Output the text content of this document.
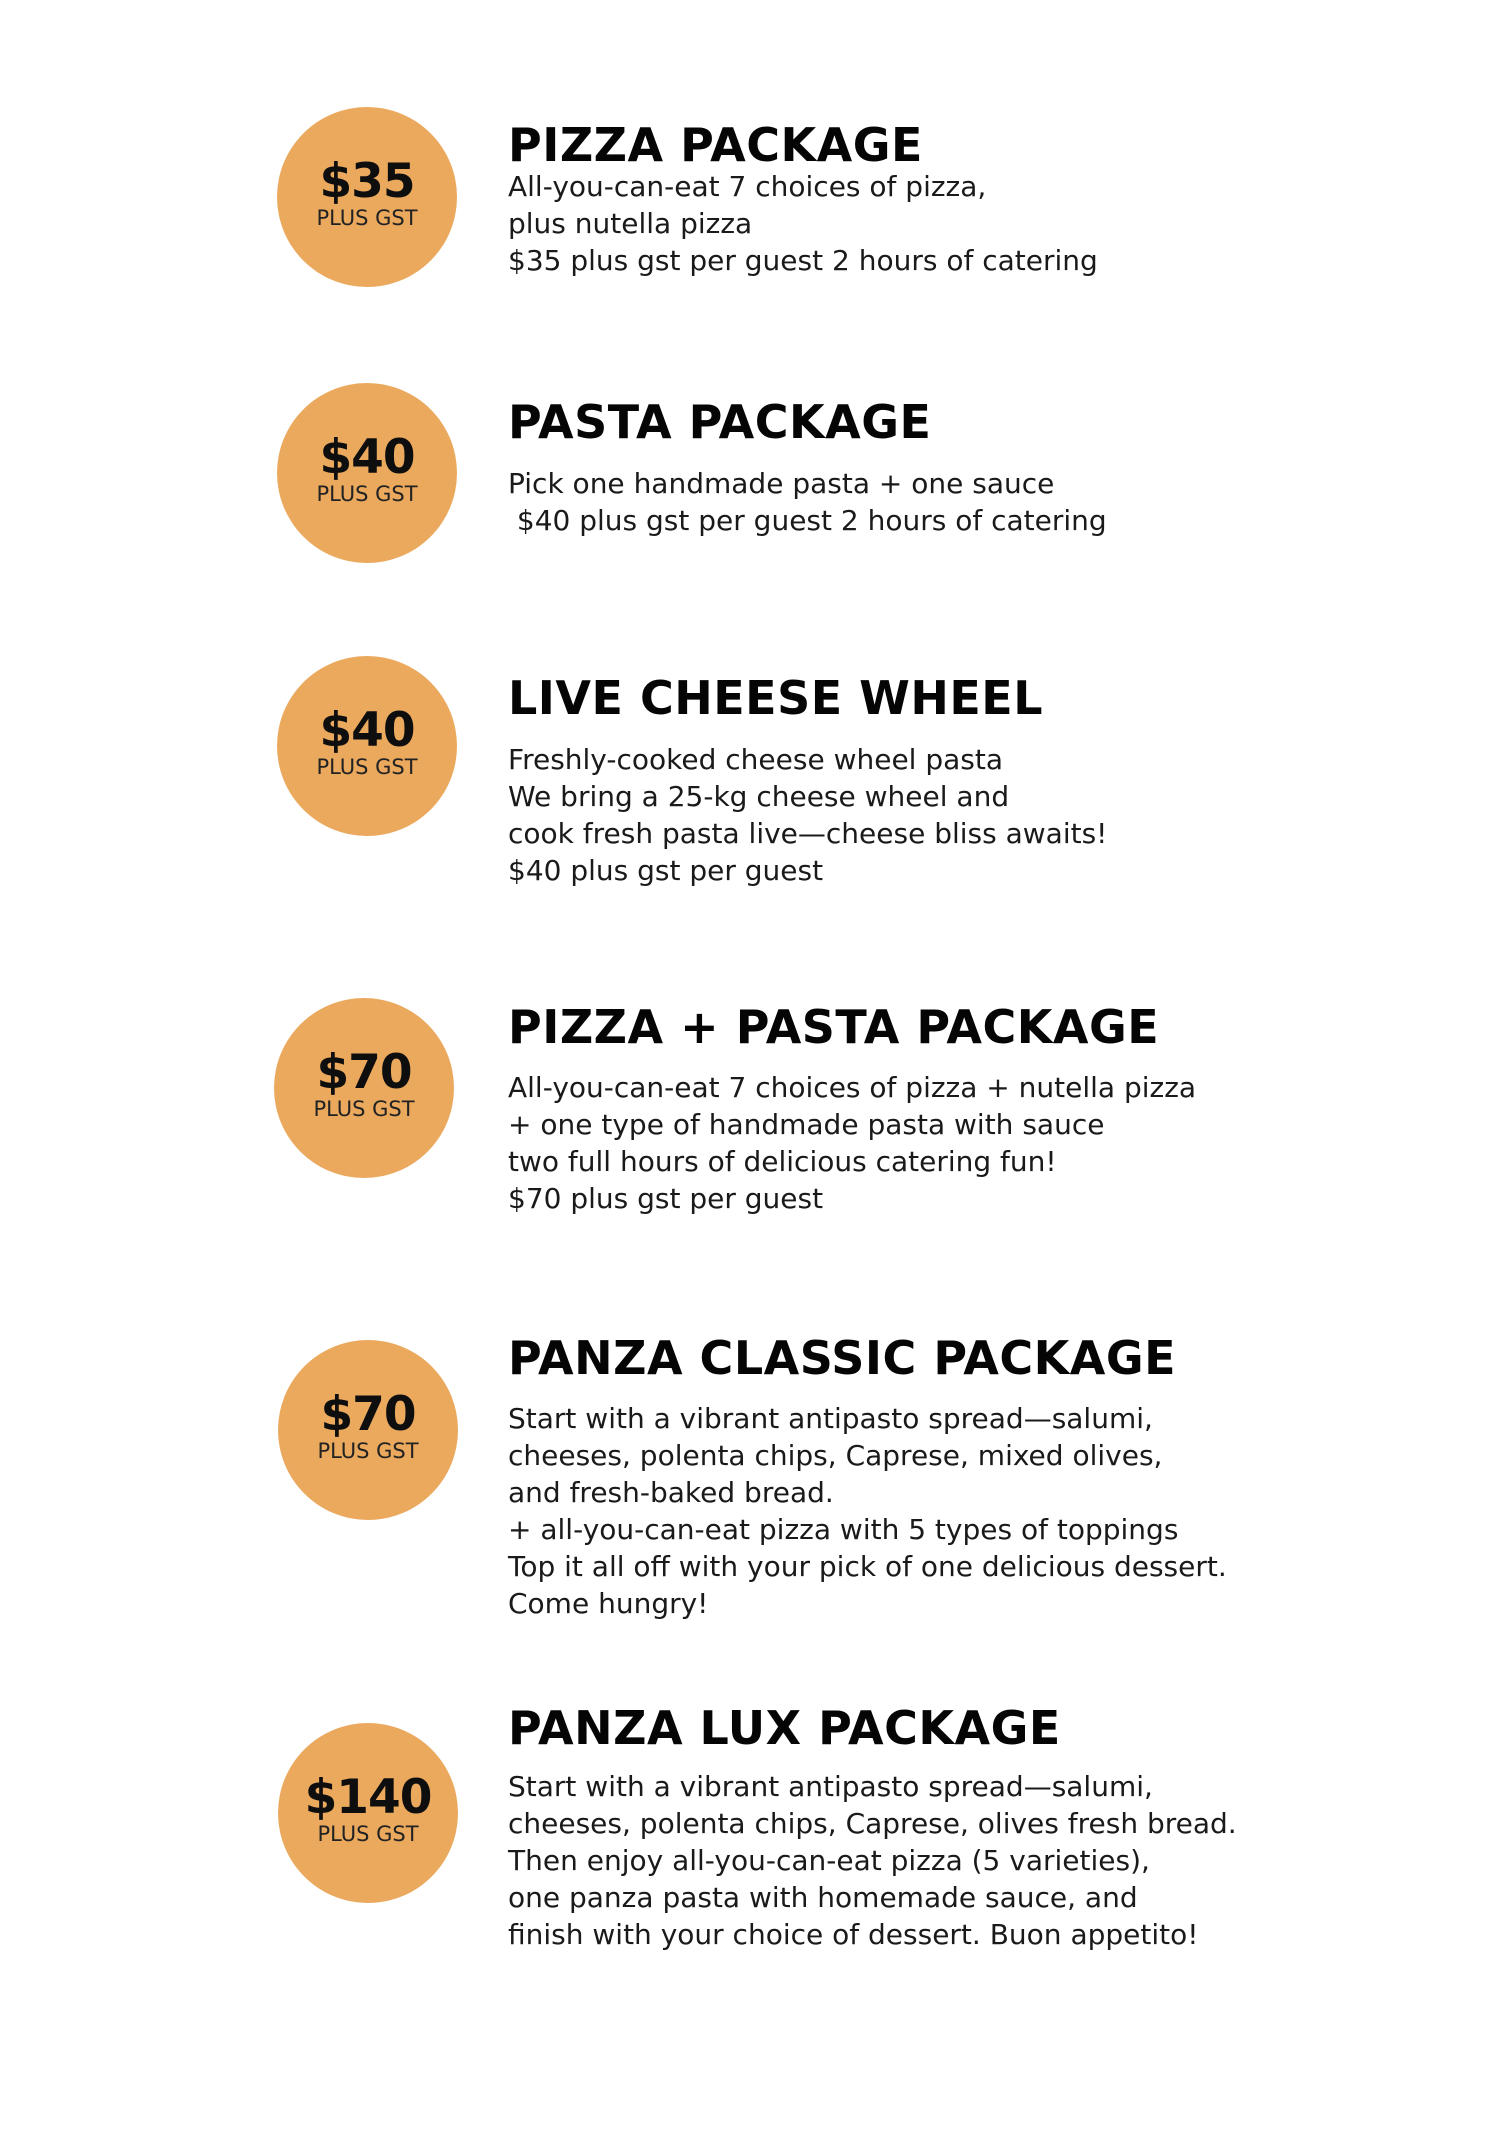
$35
PLUS GST
PIZZA PACKAGE
All-you-can-eat 7 choices of pizza,
plus nutella pizza
$35 plus gst per guest 2 hours of catering
$40
PLUS GST
PASTA PACKAGE
Pick one handmade pasta + one sauce
$40 plus gst per guest 2 hours of catering
$40
PLUS GST
LIVE CHEESE WHEEL
Freshly-cooked cheese wheel pasta
We bring a 25-kg cheese wheel and
cook fresh pasta live—cheese bliss awaits!
$40 plus gst per guest
$70
PLUS GST
PIZZA + PASTA PACKAGE
All-you-can-eat 7 choices of pizza + nutella pizza
+ one type of handmade pasta with sauce
two full hours of delicious catering fun!
$70 plus gst per guest
$70
PLUS GST
PANZA CLASSIC PACKAGE
Start with a vibrant antipasto spread—salumi,
cheeses, polenta chips, Caprese, mixed olives,
and fresh-baked bread.
+ all-you-can-eat pizza with 5 types of toppings
Top it all off with your pick of one delicious dessert.
Come hungry!
$140
PLUS GST
PANZA LUX PACKAGE
Start with a vibrant antipasto spread—salumi,
cheeses, polenta chips, Caprese, olives fresh bread.
Then enjoy all-you-can-eat pizza (5 varieties),
one panza pasta with homemade sauce, and
finish with your choice of dessert. Buon appetito!
